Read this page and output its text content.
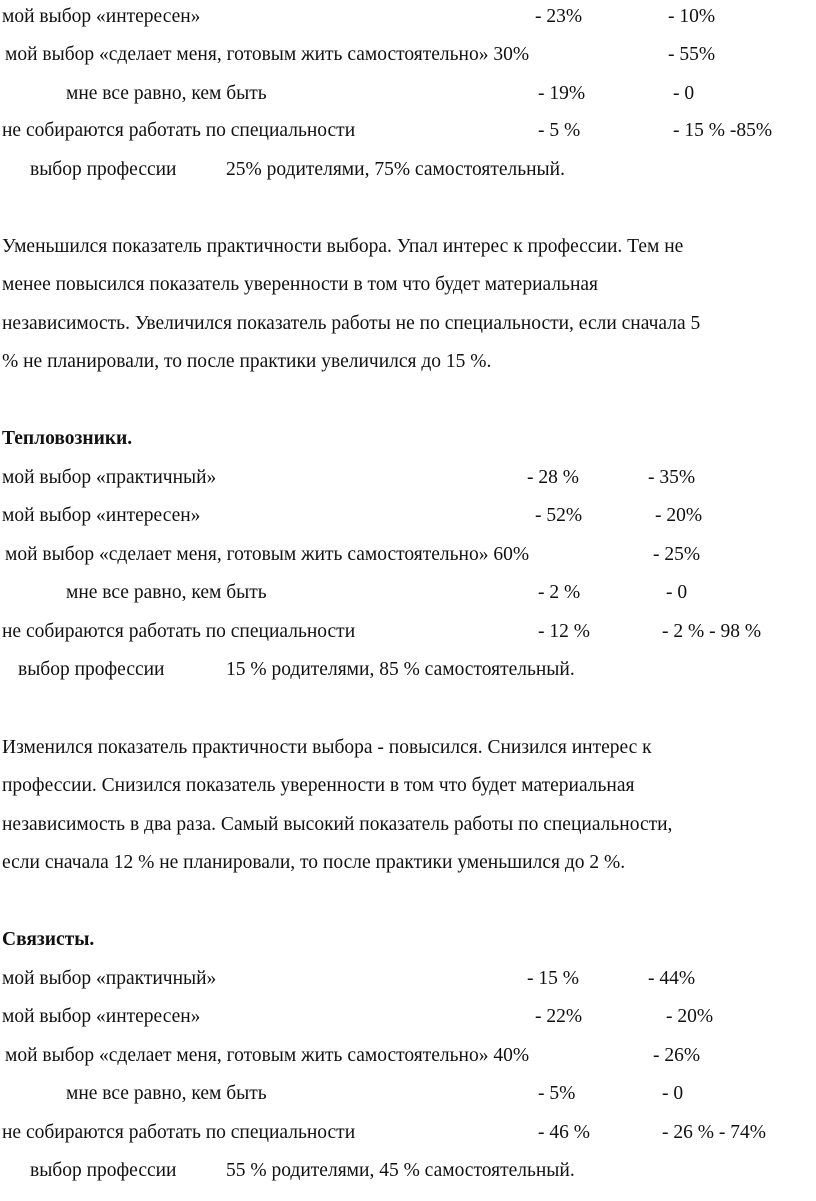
мой выбор «интересен»	- 23%	- 10%
мой выбор «сделает меня, готовым жить самостоятельно» 30%	- 55%
мне все равно, кем быть	- 19%	- 0
не собираются работать по специальности	- 5 %	- 15 % -85%
выбор профессии	25% родителями, 75% самостоятельный.
Уменьшился показатель практичности выбора. Упал интерес к профессии. Тем не
менее повысился показатель уверенности в том что будет материальная
независимость. Увеличился показатель работы не по специальности, если сначала 5
% не планировали, то после практики увеличился до 15 %.
Тепловозники.
мой выбор «практичный»	- 28 %	- 35%
мой выбор «интересен»	- 52%	- 20%
мой выбор «сделает меня, готовым жить самостоятельно» 60%	- 25%
мне все равно, кем быть	- 2 %	- 0
не собираются работать по специальности	- 12 %	- 2 % - 98 %
выбор профессии	15 % родителями, 85 % самостоятельный.
Изменился показатель практичности выбора - повысился. Снизился интерес к
профессии. Снизился показатель уверенности в том что будет материальная
независимость в два раза. Самый высокий показатель работы по специальности,
если сначала 12 % не планировали, то после практики уменьшился до 2 %.
Связисты.
мой выбор «практичный»	- 15 %	- 44%
мой выбор «интересен»	- 22%	- 20%
мой выбор «сделает меня, готовым жить самостоятельно» 40%	- 26%
мне все равно, кем быть	- 5%	- 0
не собираются работать по специальности	- 46 %	- 26 % - 74%
выбор профессии	55 % родителями, 45 % самостоятельный.
